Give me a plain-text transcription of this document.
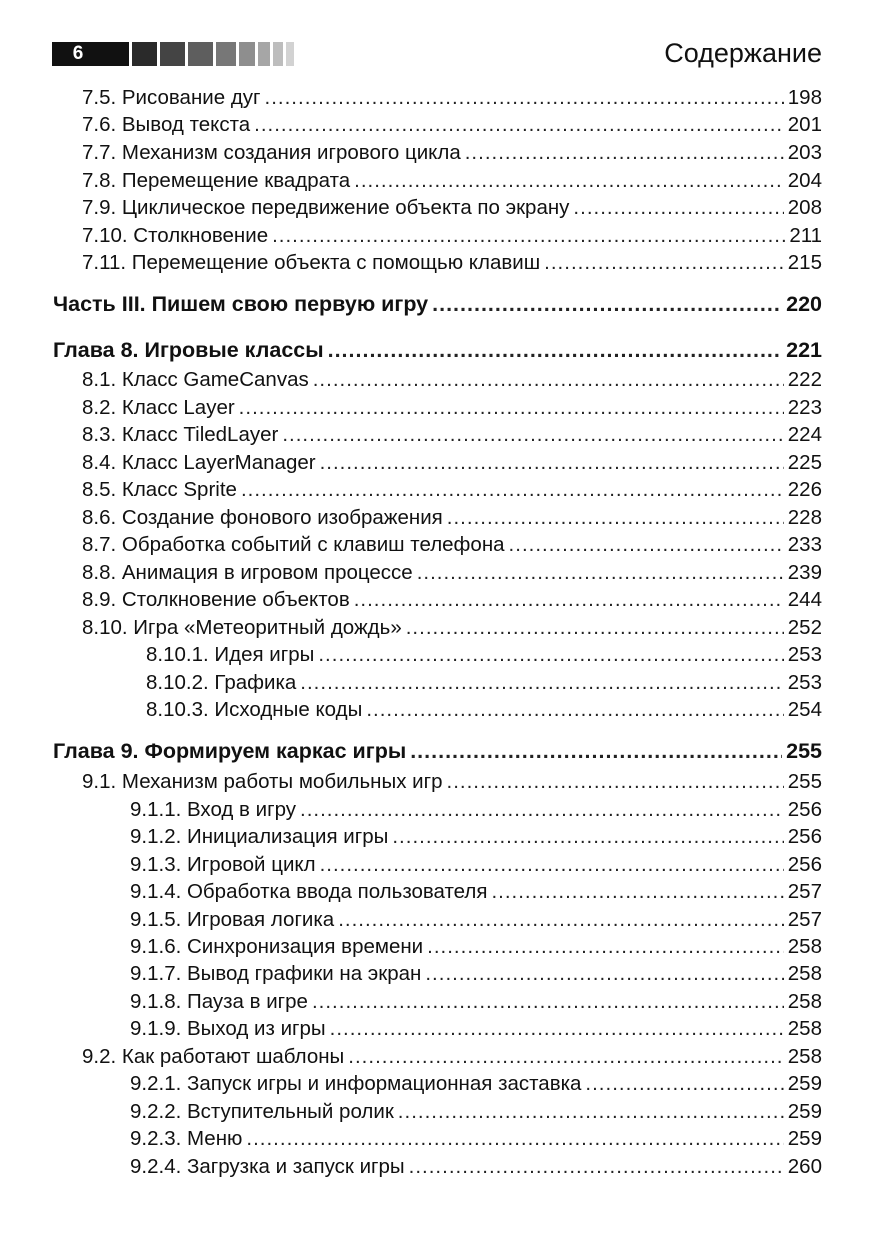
6	Содержание
7.5. Рисование дуг .....	198
7.6. Вывод текста .....	201
7.7. Механизм создания игрового цикла .....	203
7.8. Перемещение квадрата .....	204
7.9. Циклическое передвижение объекта по экрану .....	208
7.10. Столкновение .....	211
7.11. Перемещение объекта с помощью клавиш .....	215
Часть III. Пишем свою первую игру .....	220
Глава 8. Игровые классы .....	221
8.1. Класс GameCanvas .....	222
8.2. Класс Layer .....	223
8.3. Класс TiledLayer .....	224
8.4. Класс LayerManager .....	225
8.5. Класс Sprite .....	226
8.6. Создание фонового изображения .....	228
8.7. Обработка событий с клавиш телефона .....	233
8.8. Анимация в игровом процессе .....	239
8.9. Столкновение объектов .....	244
8.10. Игра «Метеоритный дождь» .....	252
8.10.1. Идея игры .....	253
8.10.2. Графика .....	253
8.10.3. Исходные коды .....	254
Глава 9. Формируем каркас игры .....	255
9.1. Механизм работы мобильных игр .....	255
9.1.1. Вход в игру .....	256
9.1.2. Инициализация игры .....	256
9.1.3. Игровой цикл .....	256
9.1.4. Обработка ввода пользователя .....	257
9.1.5. Игровая логика .....	257
9.1.6. Синхронизация времени .....	258
9.1.7. Вывод графики на экран .....	258
9.1.8. Пауза в игре .....	258
9.1.9. Выход из игры .....	258
9.2. Как работают шаблоны .....	258
9.2.1. Запуск игры и информационная заставка .....	259
9.2.2. Вступительный ролик .....	259
9.2.3. Меню .....	259
9.2.4. Загрузка и запуск игры .....	260
